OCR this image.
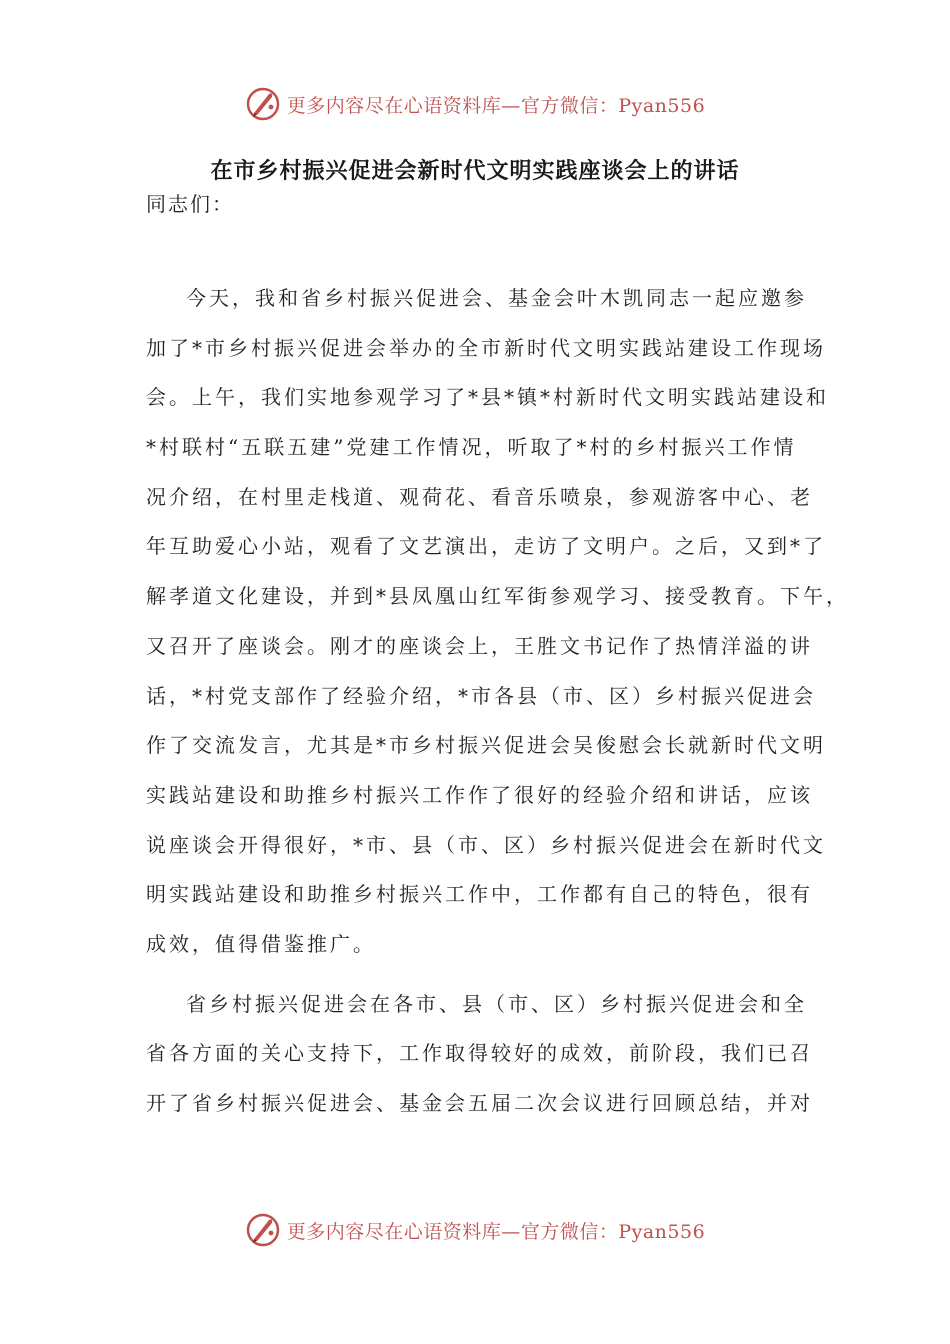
更多内容尽在心语资料库—官方微信：Pyan556
在市乡村振兴促进会新时代文明实践座谈会上的讲话
同志们：
今天，我和省乡村振兴促进会、基金会叶木凯同志一起应邀参
加了*市乡村振兴促进会举办的全市新时代文明实践站建设工作现场
会。上午，我们实地参观学习了*县*镇*村新时代文明实践站建设和
*村联村“五联五建”党建工作情况，听取了*村的乡村振兴工作情
况介绍，在村里走栈道、观荷花、看音乐喷泉，参观游客中心、老
年互助爱心小站，观看了文艺演出，走访了文明户。之后，又到*了
解孝道文化建设，并到*县凤凰山红军街参观学习、接受教育。下午，
又召开了座谈会。刚才的座谈会上，王胜文书记作了热情洋溢的讲
话，*村党支部作了经验介绍，*市各县（市、区）乡村振兴促进会
作了交流发言，尤其是*市乡村振兴促进会吴俊慰会长就新时代文明
实践站建设和助推乡村振兴工作作了很好的经验介绍和讲话，应该
说座谈会开得很好，*市、县（市、区）乡村振兴促进会在新时代文
明实践站建设和助推乡村振兴工作中，工作都有自己的特色，很有
成效，值得借鉴推广。
省乡村振兴促进会在各市、县（市、区）乡村振兴促进会和全
省各方面的关心支持下，工作取得较好的成效，前阶段，我们已召
开了省乡村振兴促进会、基金会五届二次会议进行回顾总结，并对
更多内容尽在心语资料库—官方微信：Pyan556
